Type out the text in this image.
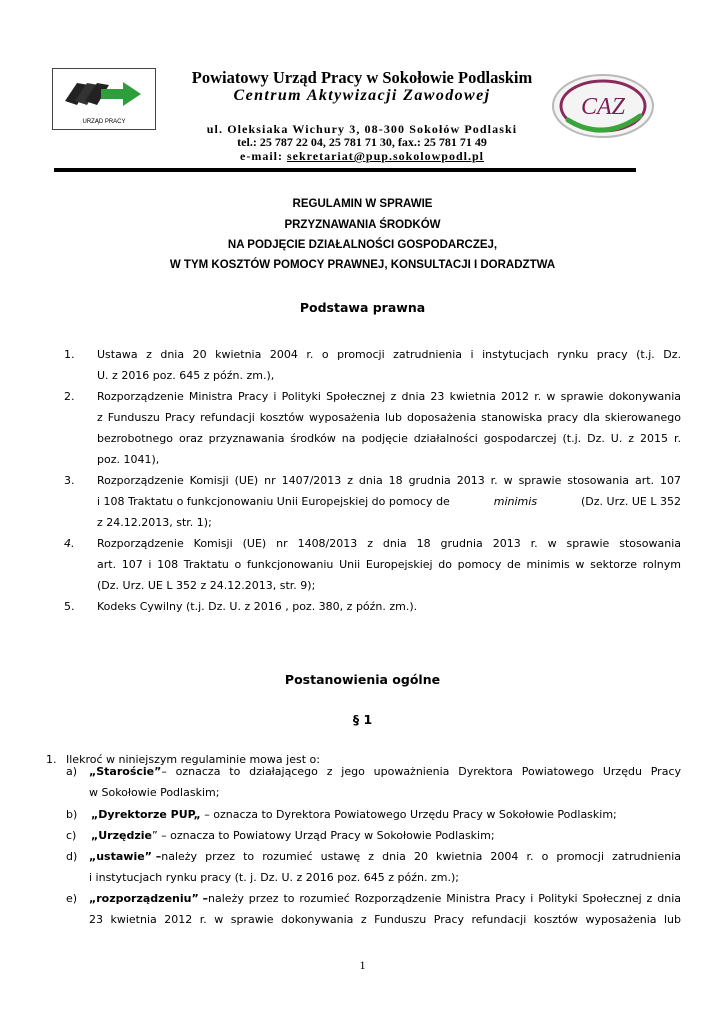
URZĄD PRACY
CAZ
Powiatowy Urząd Pracy w Sokołowie Podlaskim
Centrum Aktywizacji Zawodowej
ul. Oleksiaka Wichury 3, 08-300 Sokołów Podlaski
tel.: 25 787 22 04, 25 781 71 30, fax.: 25 781 71 49
e-mail: sekretariat@pup.sokolowpodl.pl
REGULAMIN W SPRAWIE
PRZYZNAWANIA ŚRODKÓW
NA PODJĘCIE DZIAŁALNOŚCI GOSPODARCZEJ,
W TYM KOSZTÓW POMOCY PRAWNEJ, KONSULTACJI I DORADZTWA
Podstawa prawna
1. Ustawa z dnia 20 kwietnia 2004 r. o promocji zatrudnienia i instytucjach rynku pracy (t.j. Dz.
U. z 2016 poz. 645 z późn. zm.),
2. Rozporządzenie Ministra Pracy i Polityki Społecznej z dnia 23 kwietnia 2012 r. w sprawie dokonywania
z Funduszu Pracy refundacji kosztów wyposażenia lub doposażenia stanowiska pracy dla skierowanego
bezrobotnego oraz przyznawania środków na podjęcie działalności gospodarczej (t.j. Dz. U. z 2015 r.
poz. 1041),
3. Rozporządzenie Komisji (UE) nr 1407/2013 z dnia 18 grudnia 2013 r. w sprawie stosowania art. 107
i 108 Traktatu o funkcjonowaniu Unii Europejskiej do pomocy de	minimis	(Dz. Urz. UE L 352
z 24.12.2013, str. 1);
4. Rozporządzenie Komisji (UE) nr 1408/2013 z dnia 18 grudnia 2013 r. w sprawie stosowania
art. 107 i 108 Traktatu o funkcjonowaniu Unii Europejskiej do pomocy de minimis w sektorze rolnym
(Dz. Urz. UE L 352 z 24.12.2013, str. 9);
5. Kodeks Cywilny (t.j. Dz. U. z 2016 , poz. 380, z późn. zm.).
Postanowienia ogólne
§ 1
1. Ilekroć w niniejszym regulaminie mowa jest o:
a) „Staroście” – oznacza to działającego z jego upoważnienia Dyrektora Powiatowego Urzędu Pracy
w Sokołowie Podlaskim;
b) „Dyrektorze PUP„ – oznacza to Dyrektora Powiatowego Urzędu Pracy w Sokołowie Podlaskim;
c) „Urzędzie” – oznacza to Powiatowy Urząd Pracy w Sokołowie Podlaskim;
d) „ustawie” – należy przez to rozumieć ustawę z dnia 20 kwietnia 2004 r. o promocji zatrudnienia
i instytucjach rynku pracy (t. j. Dz. U. z 2016 poz. 645 z późn. zm.);
e) „rozporządzeniu” – należy przez to rozumieć Rozporządzenie Ministra Pracy i Polityki Społecznej z dnia
23 kwietnia 2012 r. w sprawie dokonywania z Funduszu Pracy refundacji kosztów wyposażenia lub
1
